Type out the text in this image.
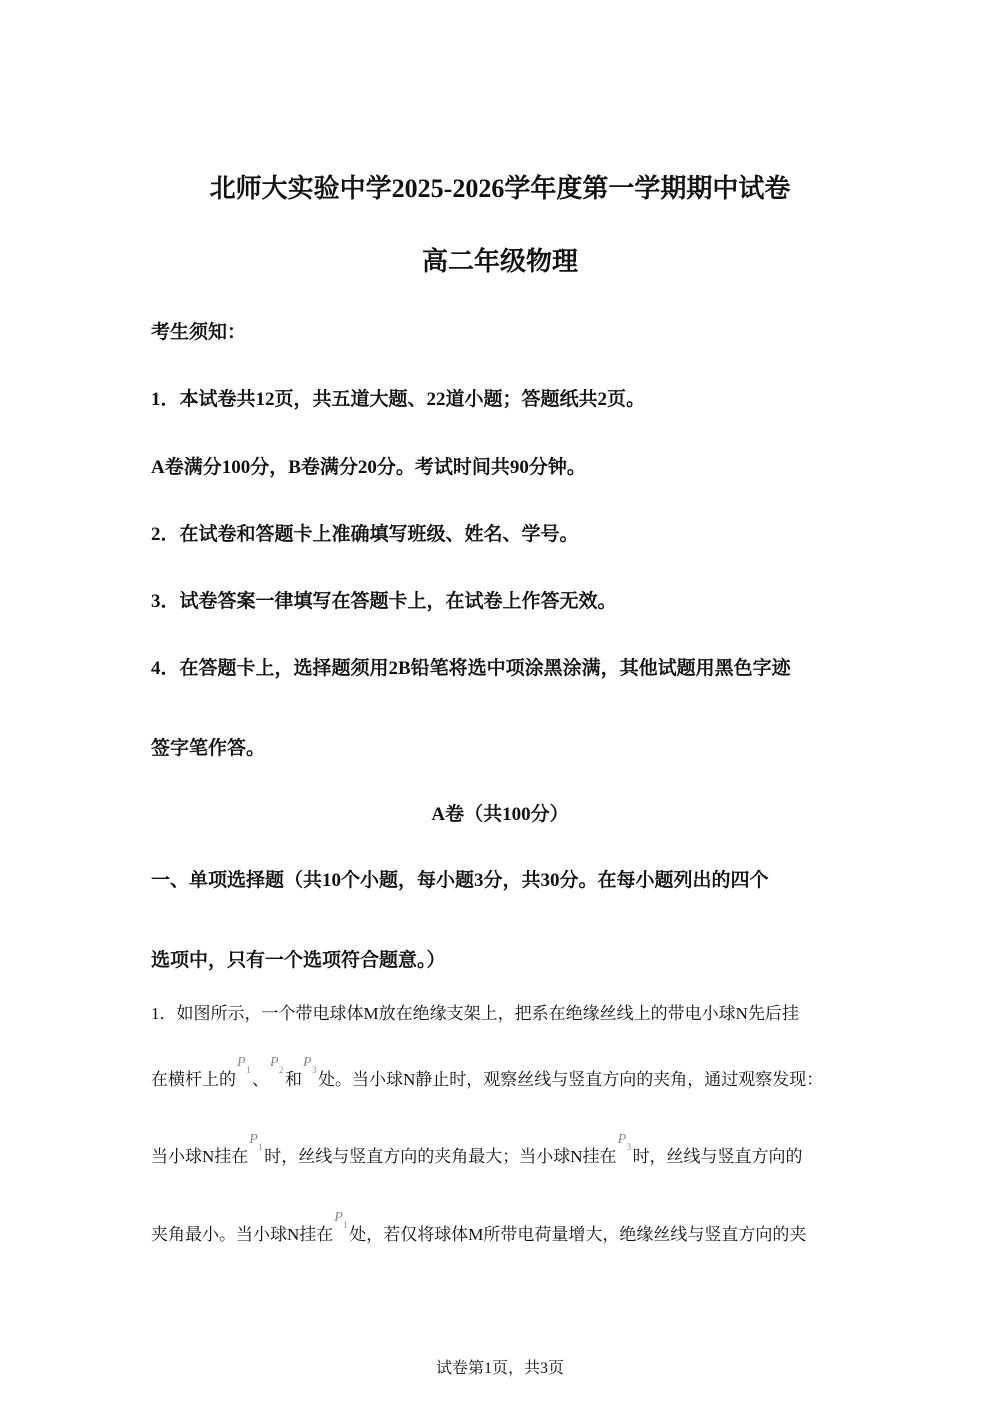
北师大实验中学2025-2026学年度第一学期期中试卷
高二年级物理
考生须知：
1．本试卷共12页，共五道大题、22道小题；答题纸共2页。
A卷满分100分，B卷满分20分。考试时间共90分钟。
2．在试卷和答题卡上准确填写班级、姓名、学号。
3．试卷答案一律填写在答题卡上，在试卷上作答无效。
4．在答题卡上，选择题须用2B铅笔将选中项涂黑涂满，其他试题用黑色字迹
签字笔作答。
A卷（共100分）
一、单项选择题（共10个小题，每小题3分，共30分。在每小题列出的四个
选项中，只有一个选项符合题意。）
1．如图所示，一个带电球体M放在绝缘支架上，把系在绝缘丝线上的带电小球N先后挂
在横杆上的
P 1 、
P 2 和
P 3 处。当小球N静止时，观察丝线与竖直方向的夹角，通过观察发现：
当小球N挂在
P 1 时，丝线与竖直方向的夹角最大；当小球N挂在
P 3 时，丝线与竖直方向的
夹角最小。当小球N挂在
P 1 处，若仅将球体M所带电荷量增大，绝缘丝线与竖直方向的夹
试卷第1页，共3页
